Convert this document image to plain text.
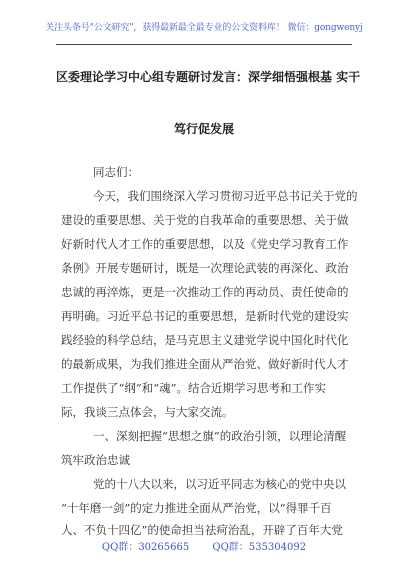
关注头条号"公文研究"，获得最新最全最专业的公文资料库！ 微信：gongwenyj
区委理论学习中心组专题研讨发言：深学细悟强根基 实干
笃行促发展
同志们：
今天，我们围绕深入学习贯彻习近平总书记关于党的
建设的重要思想、关于党的自我革命的重要思想、关于做
好新时代人才工作的重要思想，以及《党史学习教育工作
条例》开展专题研讨，既是一次理论武装的再深化、政治
忠诚的再淬炼，更是一次推动工作的再动员、责任使命的
再明确。习近平总书记的重要思想，是新时代党的建设实
践经验的科学总结，是马克思主义建党学说中国化时代化
的最新成果，为我们推进全面从严治党、做好新时代人才
工作提供了“纲”和“魂”。结合近期学习思考和工作实
际，我谈三点体会，与大家交流。
一、深刻把握“思想之旗”的政治引领，以理论清醒
筑牢政治忠诚
党的十八大以来，以习近平同志为核心的党中央以
“十年磨一剑”的定力推进全面从严治党，以“得罪千百
人、不负十四亿”的使命担当祛疴治乱，开辟了百年大党
QQ群：30265665 QQ群：535304092
